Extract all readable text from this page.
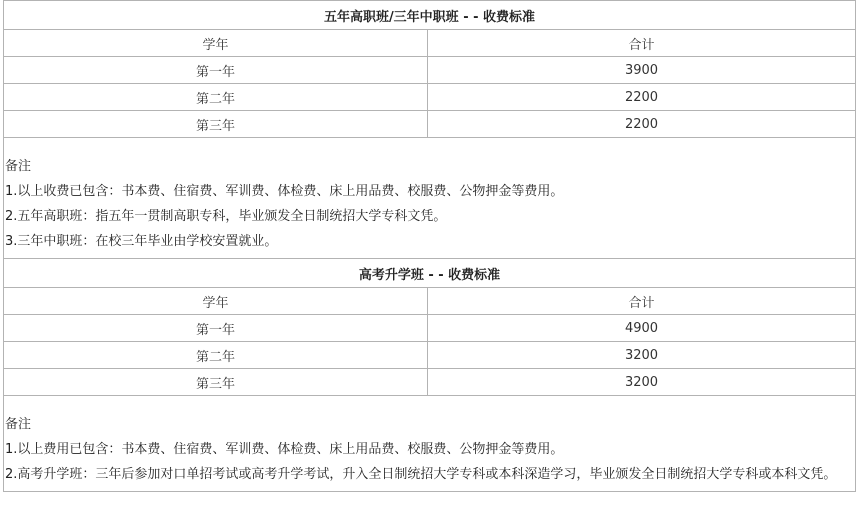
五年高职班/三年中职班 - - 收费标准	
学年	合计
第一年	3900
第二年	2200
第三年	2200

备注

1.以上收费已包含：书本费、住宿费、军训费、体检费、床上用品费、校服费、公物押金等费用。

2.五年高职班：指五年一贯制高职专科，毕业颁发全日制统招大学专科文凭。

3.三年中职班：在校三年毕业由学校安置就业。	

高考升学班 - - 收费标准	
学年	合计
第一年	4900
第二年	3200
第三年	3200

备注

1.以上费用已包含：书本费、住宿费、军训费、体检费、床上用品费、校服费、公物押金等费用。

2.高考升学班：三年后参加对口单招考试或高考升学考试，升入全日制统招大学专科或本科深造学习，毕业颁发全日制统招大学专科或本科文凭。	
